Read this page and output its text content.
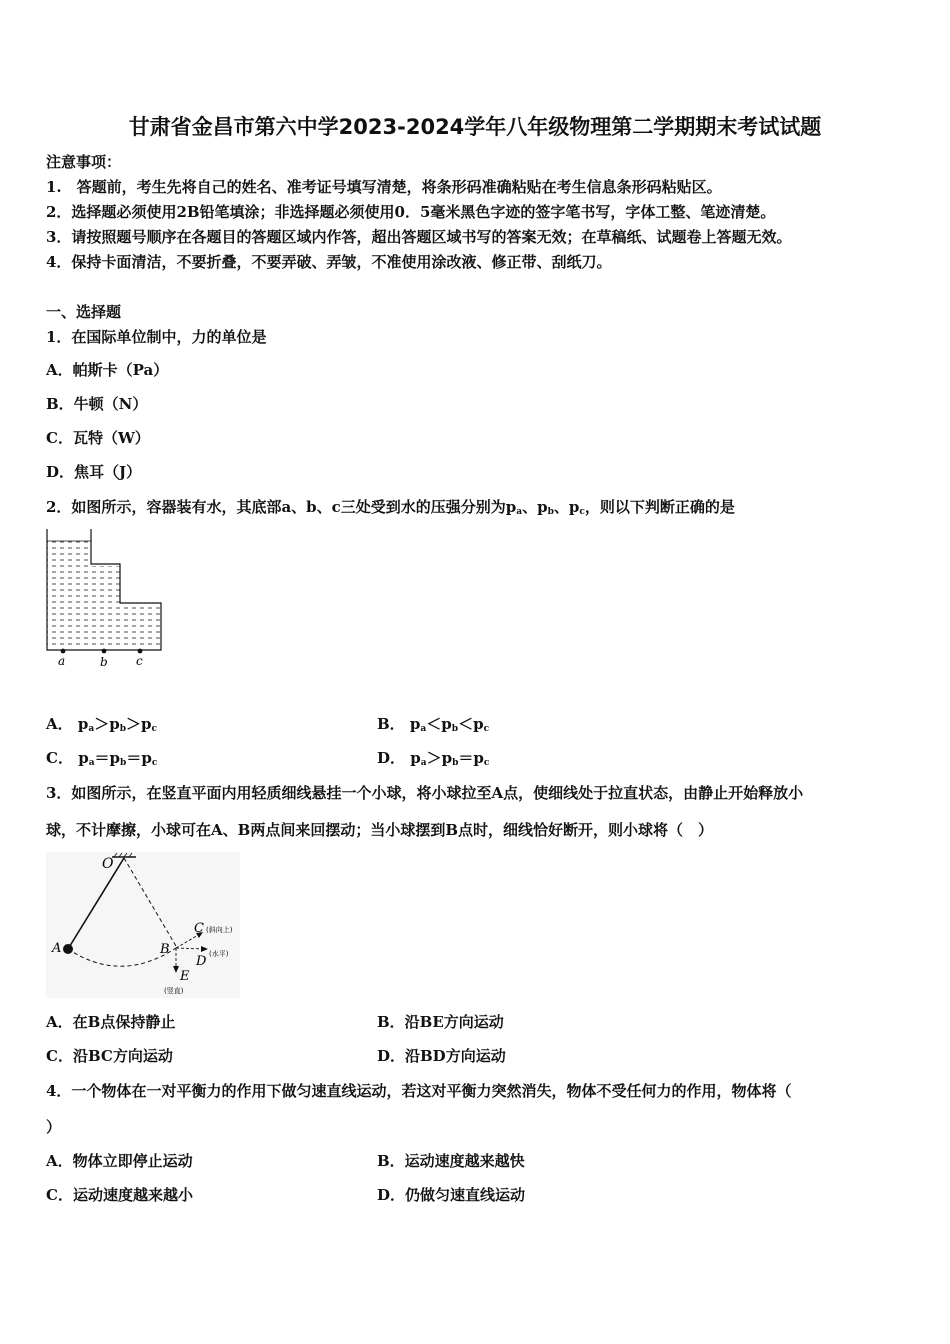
甘肃省金昌市第六中学2023-2024学年八年级物理第二学期期末考试试题
注意事项：
1.　答题前，考生先将自己的姓名、准考证号填写清楚，将条形码准确粘贴在考生信息条形码粘贴区。
2．选择题必须使用2B铅笔填涂；非选择题必须使用0．5毫米黑色字迹的签字笔书写，字体工整、笔迹清楚。
3．请按照题号顺序在各题目的答题区域内作答，超出答题区域书写的答案无效；在草稿纸、试题卷上答题无效。
4．保持卡面清洁，不要折叠，不要弄破、弄皱，不准使用涂改液、修正带、刮纸刀。
一、选择题
1．在国际单位制中，力的单位是
A．帕斯卡（Pa）
B．牛顿（N）
C．瓦特（W）
D．焦耳（J）
2．如图所示，容器装有水，其底部a、b、c三处受到水的压强分别为$p_a$、$p_b$、$p_c$，则以下判断正确的是
a	b c
A． $p_a>p_b>p_c$	B． $p_a<p_b<p_c$
C． $p_a=p_b=p_c$	D． $p_a>p_b=p_c$
3．如图所示，在竖直平面内用轻质细线悬挂一个小球，将小球拉至A点，使细线处于拉直状态，由静止开始释放小
球，不计摩擦，小球可在A、B两点间来回摆动；当小球摆到B点时，细线恰好断开，则小球将（　）
O
A	B
C (斜向上)
D (水平)
E
(竖直)
A．在B点保持静止	B．沿BE方向运动
C．沿BC方向运动	D．沿BD方向运动
4．一个物体在一对平衡力的作用下做匀速直线运动，若这对平衡力突然消失，物体不受任何力的作用，物体将（
）
A．物体立即停止运动	B．运动速度越来越快
C．运动速度越来越小	D．仍做匀速直线运动
